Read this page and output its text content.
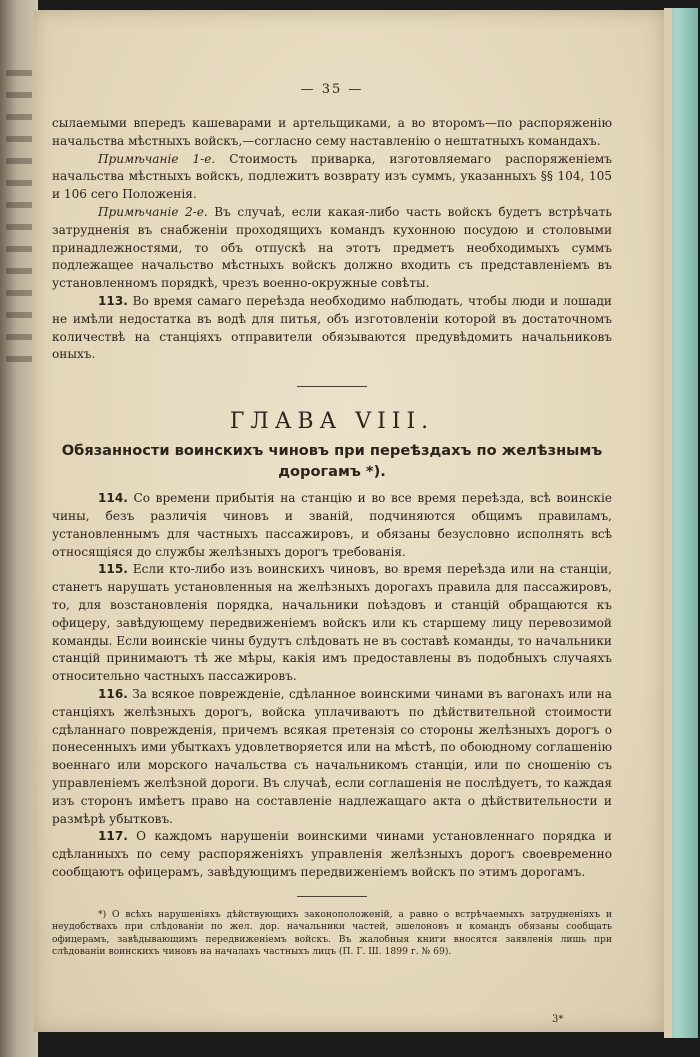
— 35 —

сылаемыми впередъ кашеварами и артельщиками, а во второмъ—по распоряженію начальства мѣстныхъ войскъ,—согласно сему наставленію о нештатныхъ командахъ.

Примѣчаніе 1-е. Стоимость приварка, изготовляемаго распоряженіемъ начальства мѣстныхъ войскъ, подлежитъ возврату изъ суммъ, указанныхъ §§ 104, 105 и 106 сего Положенія.

Примѣчаніе 2-е. Въ случаѣ, если какая-либо часть войскъ будетъ встрѣчать затрудненія въ снабженіи проходящихъ командъ кухонною посудою и столовыми принадлежностями, то объ отпускѣ на этотъ предметъ необходимыхъ суммъ подлежащее начальство мѣстныхъ войскъ должно входить съ представленіемъ въ установленномъ порядкѣ, чрезъ военно-окружные совѣты.

113. Во время самаго переѣзда необходимо наблюдать, чтобы люди и лошади не имѣли недостатка въ водѣ для питья, объ изготовленіи которой въ достаточномъ количествѣ на станціяхъ отправители обязываются предувѣдомить начальниковъ оныхъ.

ГЛАВА VIII.
Обязанности воинскихъ чиновъ при переѣздахъ по желѣзнымъ
дорогамъ *).

114. Со времени прибытія на станцію и во все время переѣзда, всѣ воинскіе чины, безъ различія чиновъ и званій, подчиняются общимъ правиламъ, установленнымъ для частныхъ пассажировъ, и обязаны безусловно исполнять всѣ относящіяся до службы желѣзныхъ дорогъ требованія.

115. Если кто-либо изъ воинскихъ чиновъ, во время переѣзда или на станціи, станетъ нарушать установленныя на желѣзныхъ дорогахъ правила для пассажировъ, то, для возстановленія порядка, начальники поѣздовъ и станцій обращаются къ офицеру, завѣдующему передвиженіемъ войскъ или къ старшему лицу перевозимой команды. Если воинскіе чины будутъ слѣдовать не въ составѣ команды, то начальники станцій принимаютъ тѣ же мѣры, какія имъ предоставлены въ подобныхъ случаяхъ относительно частныхъ пассажировъ.

116. За всякое поврежденіе, сдѣланное воинскими чинами въ вагонахъ или на станціяхъ желѣзныхъ дорогъ, войска уплачиваютъ по дѣйствительной стоимости сдѣланнаго поврежденія, причемъ всякая претензія со стороны желѣзныхъ дорогъ о понесенныхъ ими убыткахъ удовлетворяется или на мѣстѣ, по обоюдному соглашенію военнаго или морского начальства съ начальникомъ станціи, или по сношенію съ управленіемъ желѣзной дороги. Въ случаѣ, если соглашенія не послѣдуетъ, то каждая изъ сторонъ имѣетъ право на составленіе надлежащаго акта о дѣйствительности и размѣрѣ убытковъ.

117. О каждомъ нарушеніи воинскими чинами установленнаго порядка и сдѣланныхъ по сему распоряженіяхъ управленія желѣзныхъ дорогъ своевременно сообщаютъ офицерамъ, завѣдующимъ передвиженіемъ войскъ по этимъ дорогамъ.

*) О всѣхъ нарушеніяхъ дѣйствующихъ законоположеній, а равно о встрѣчаемыхъ затрудненіяхъ и неудобствахъ при слѣдованіи по жел. дор. начальники частей, эшелоновъ и командъ обязаны сообщать офицерамъ, завѣдывающимъ передвиженіемъ войскъ. Въ жалобныя книги вносятся заявленія лишь при слѣдованіи воинскихъ чиновъ на началахъ частныхъ лицъ (П. Г. Ш. 1899 г. № 69).

3*
